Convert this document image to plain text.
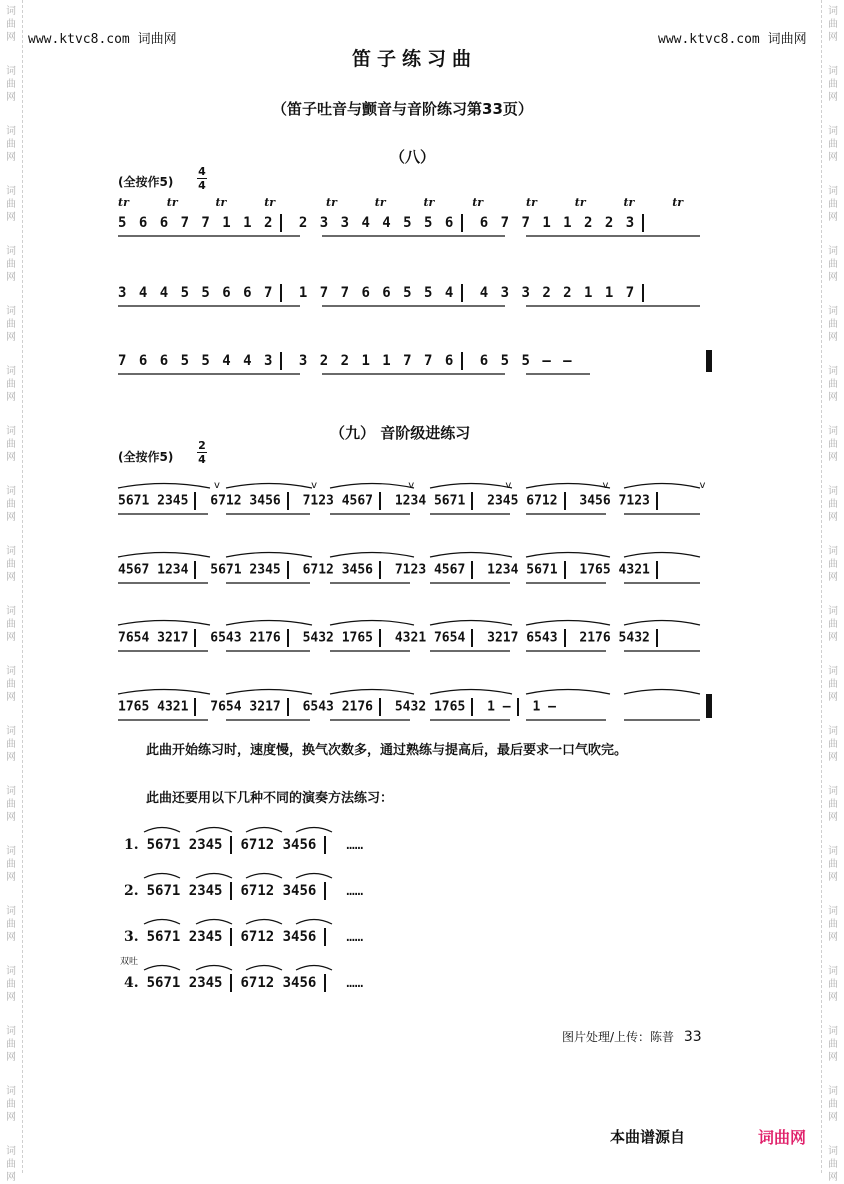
词
曲
网
词
曲
网
词
曲
网
词
曲
网
词
曲
网
词
曲
网
词
曲
网
词
曲
网
词
曲
网
词
曲
网
词
曲
网
词
曲
网
词
曲
网
词
曲
网
词
曲
网
词
曲
网
词
曲
网
词
曲
网
词
曲
网
词
曲
网
词
曲
网
词
曲
网
词
曲
网
词
曲
网
词
曲
网
词
曲
网
词
曲
网
词
曲
网
词
曲
网
词
曲
网
词
曲
网
词
曲
网
词
曲
网
词
曲
网
词
曲
网
词
曲
网
词
曲
网
词
曲
网
词
曲
网
词
曲
网
www.ktvc8.com 词曲网	www.ktvc8.com 词曲网
笛子练习曲
（笛子吐音与颤音与音阶练习第33页）
（八）
(全按作5)
4
4
5 6 6 7 7 1 1 2 2 3 3 4 4 5 5 6 6 7 7 1 1 2 2 3
3 4 4 5 5 6 6 7 1 7 7 6 6 5 5 4 4 3 3 2 2 1 1 7
7 6 6 5 5 4 4 3 3 2 2 1 1 7 7 6 6 5 5 – –
tr	tr	tr	tr	tr	tr	tr	tr	tr	tr	tr	tr
（九） 音阶级进练习
(全按作5)
2
4
5671 2345 6712 3456 7123 4567 1234 5671 2345 6712 3456 7123
4567 1234 5671 2345 6712 3456 7123 4567 1234 5671 1765 4321
7654 3217 6543 2176 5432 1765 4321 7654 3217 6543 2176 5432
1765 4321 7654 3217 6543 2176 5432 1765 1 – 1 –
v	v	v	v	v	v
此曲开始练习时，速度慢，换气次数多，通过熟练与提高后，最后要求一口气吹完。
此曲还要用以下几种不同的演奏方法练习：
1. 5671 2345 6712 3456 ……
2. 5671 2345 6712 3456 ……
3. 5671 2345 6712 3456 ……
双吐
4. 5671 2345 6712 3456 ……
图片处理/上传：陈普 33
本曲谱源自	词曲网
